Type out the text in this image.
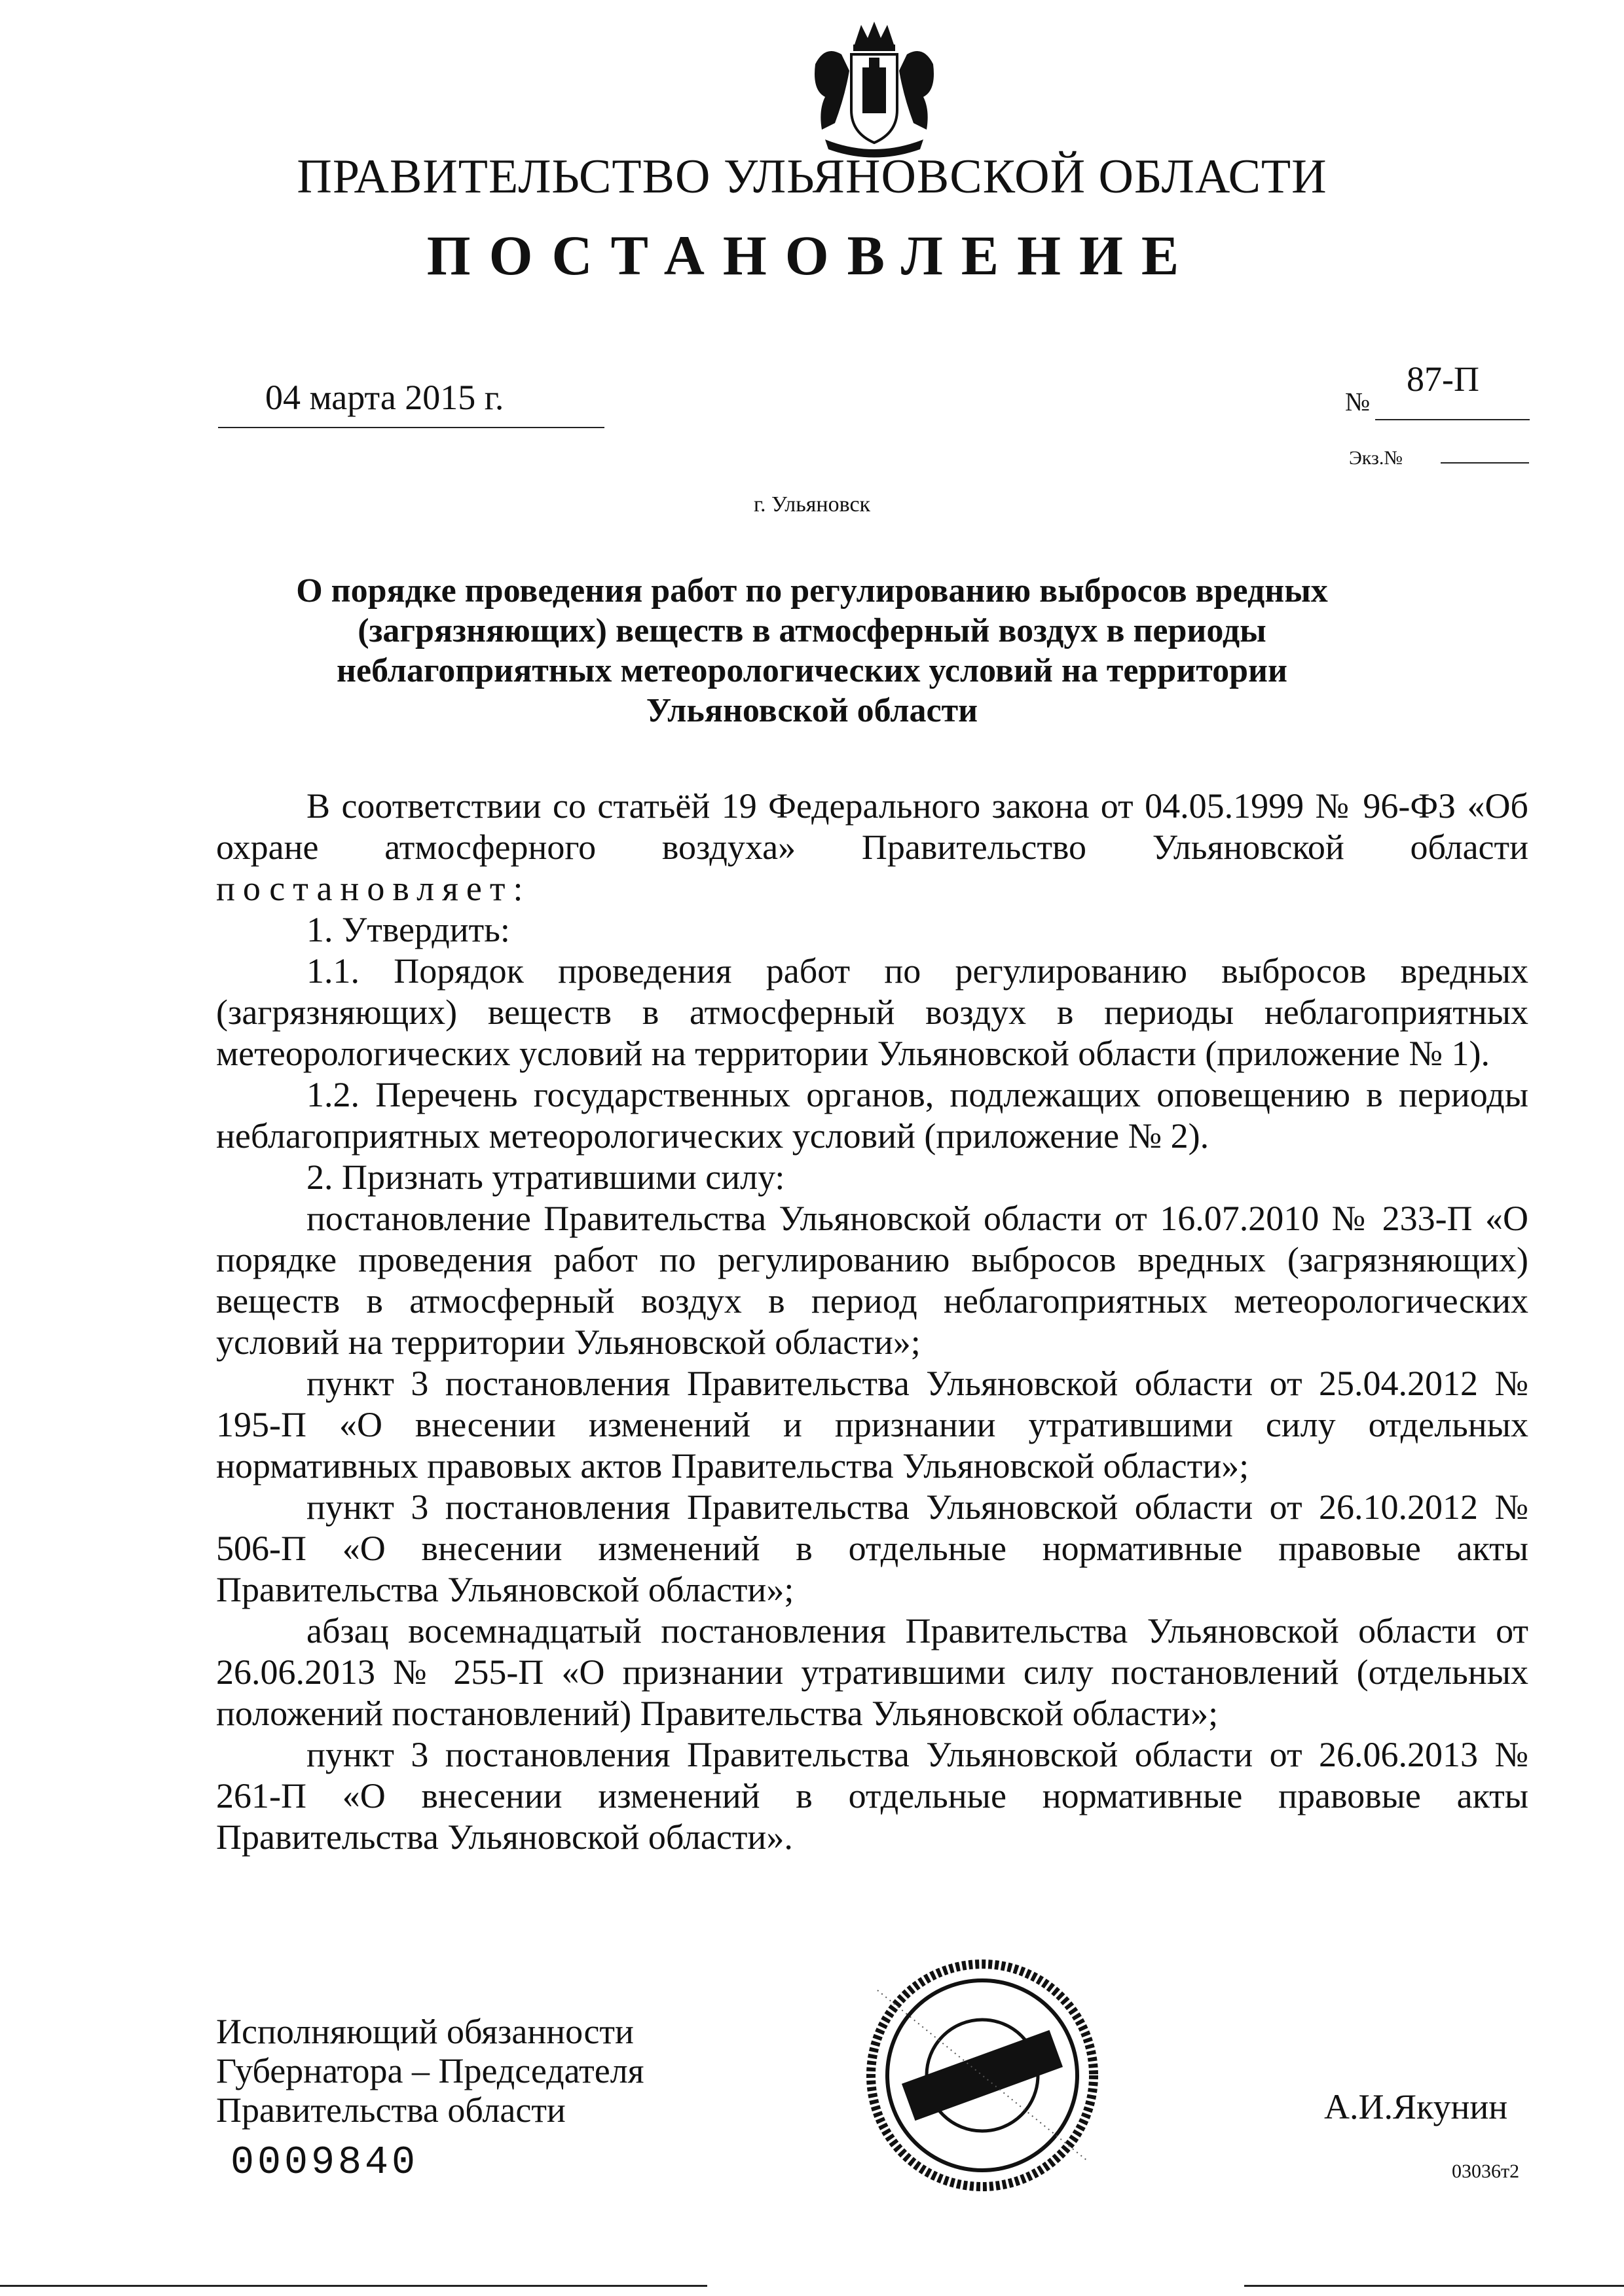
ПРАВИТЕЛЬСТВО УЛЬЯНОВСКОЙ ОБЛАСТИ
ПОСТАНОВЛЕНИЕ
04 марта 2015 г.	№
87-П
Экз.№
г. Ульяновск
О порядке проведения работ по регулированию выбросов вредных (загрязняющих) веществ в атмосферный воздух в периоды неблагоприятных метеорологических условий на территории Ульяновской области

В соответствии со статьёй 19 Федерального закона от 04.05.1999 № 96-ФЗ «Об охране атмосферного воздуха» Правительство Ульяновской области постановляет:

1. Утвердить:

1.1. Порядок проведения работ по регулированию выбросов вредных (загрязняющих) веществ в атмосферный воздух в периоды неблагоприятных метеорологических условий на территории Ульяновской области (приложение № 1).

1.2. Перечень государственных органов, подлежащих оповещению в периоды неблагоприятных метеорологических условий (приложение № 2).

2. Признать утратившими силу:

постановление Правительства Ульяновской области от 16.07.2010 № 233-П «О порядке проведения работ по регулированию выбросов вредных (загрязняющих) веществ в атмосферный воздух в период неблагоприятных метеорологических условий на территории Ульяновской области»;

пункт 3 постановления Правительства Ульяновской области от 25.04.2012 № 195-П «О внесении изменений и признании утратившими силу отдельных нормативных правовых актов Правительства Ульяновской области»;

пункт 3 постановления Правительства Ульяновской области от 26.10.2012 № 506-П «О внесении изменений в отдельные нормативные правовые акты Правительства Ульяновской области»;

абзац восемнадцатый постановления Правительства Ульяновской области от 26.06.2013 № 255-П «О признании утратившими силу постановлений (отдельных положений постановлений) Правительства Ульяновской области»;

пункт 3 постановления Правительства Ульяновской области от 26.06.2013 № 261-П «О внесении изменений в отдельные нормативные правовые акты Правительства Ульяновской области».

Исполняющий обязанности
Губернатора – Председателя
Правительства области	А.И.Якунин
0009840	03036т2
